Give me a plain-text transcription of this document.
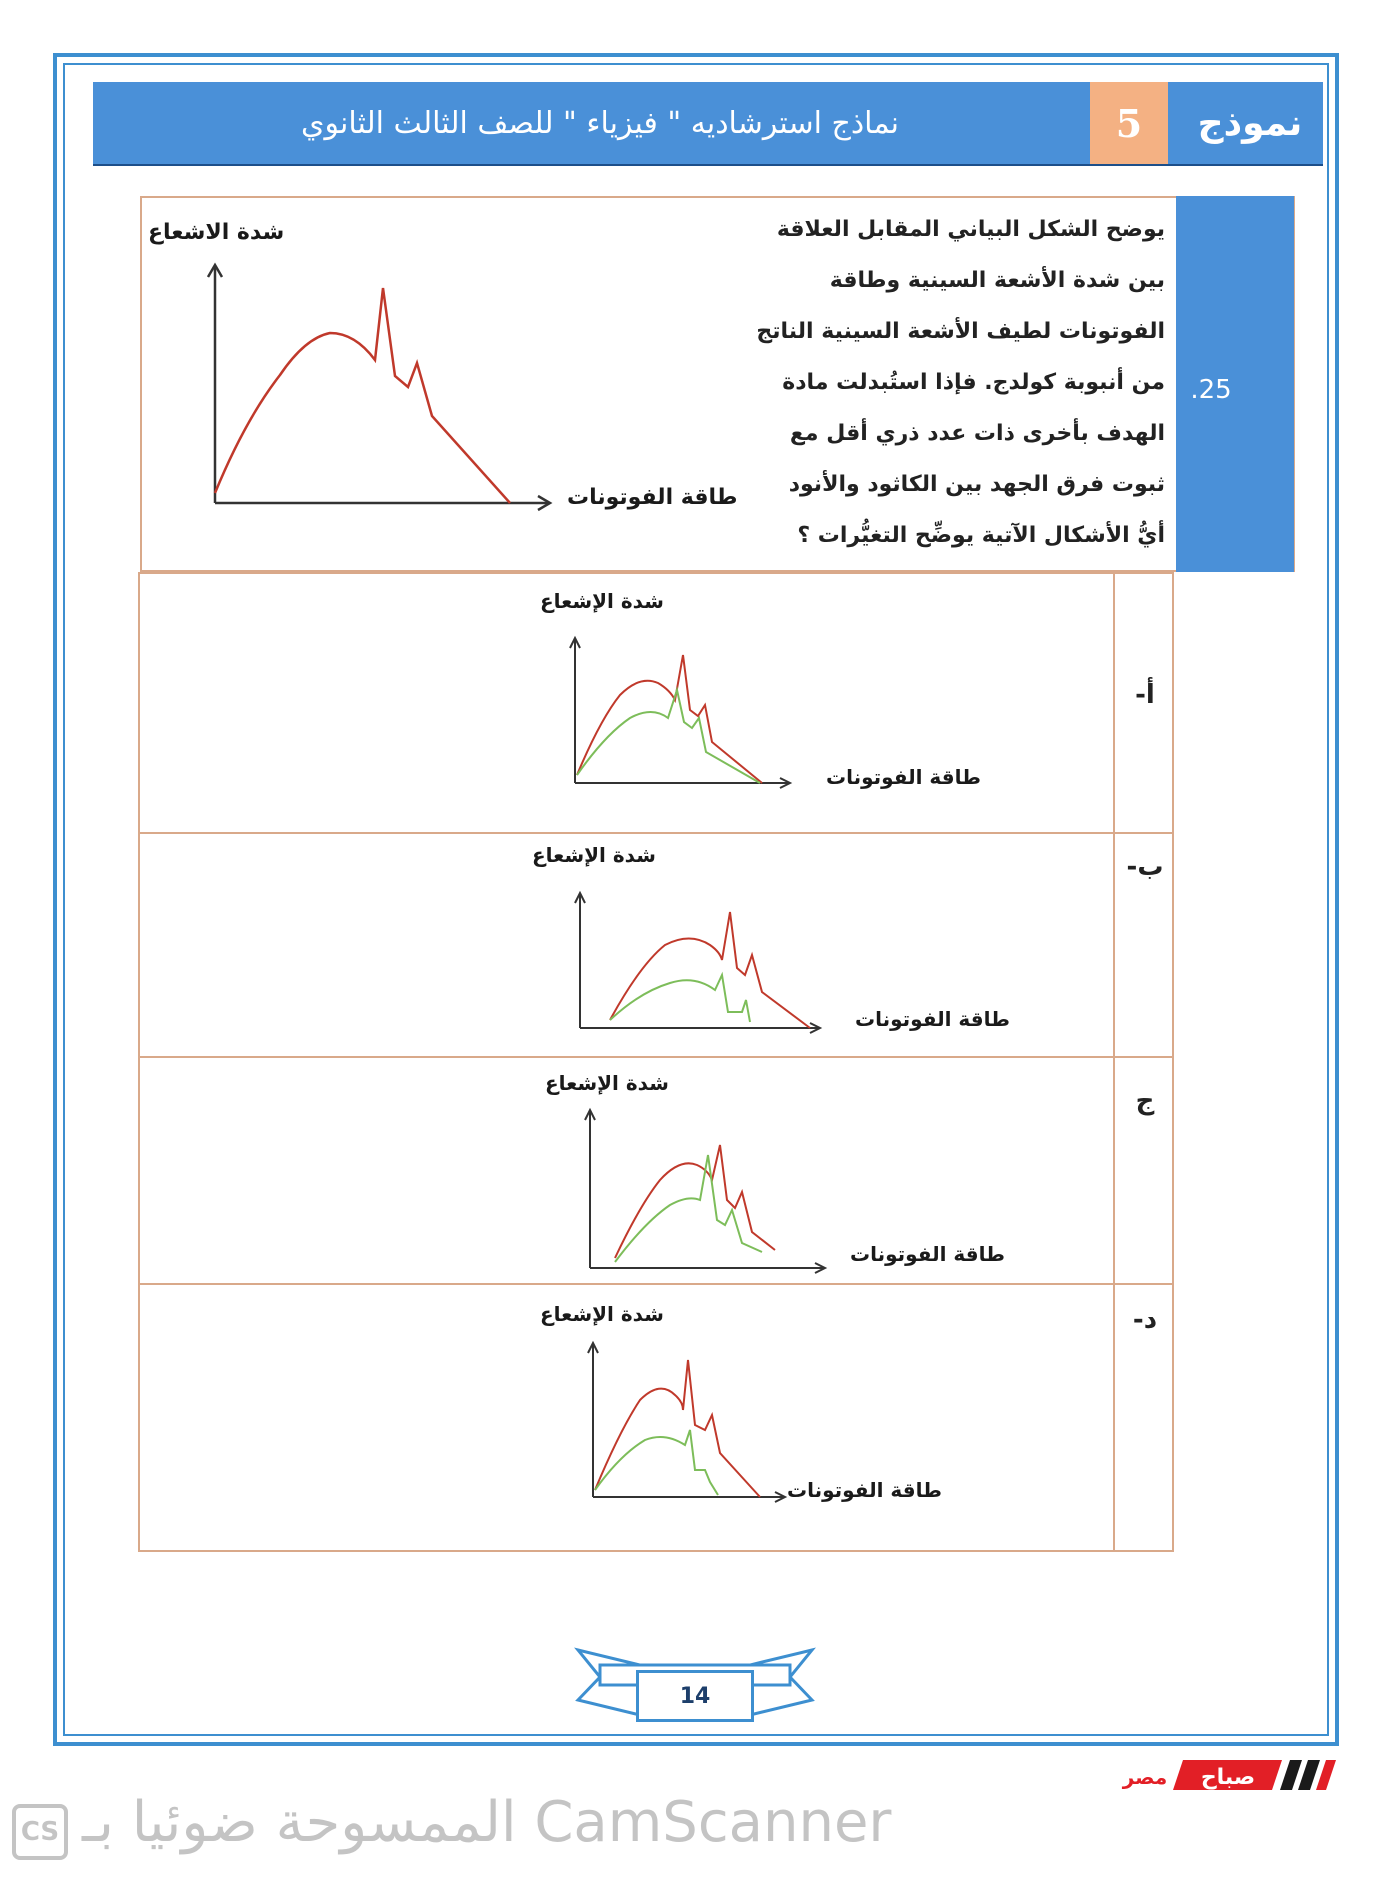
نماذج استرشاديه " فيزياء " للصف الثالث الثانوي	5	نموذج
.25
يوضح الشكل البياني المقابل العلاقة
بين شدة الأشعة السينية وطاقة
الفوتونات لطيف الأشعة السينية الناتج
من أنبوبة كولدج. فإذا استُبدلت مادة
الهدف بأخرى ذات عدد ذري أقل مع
ثبوت فرق الجهد بين الكاثود والأنود
أيُّ الأشكال الآتية يوضِّح التغيُّرات ؟
شدة الاشعاع
طاقة الفوتونات
أ-
ب-
ج
د-
شدة الإشعاع
طاقة الفوتونات
شدة الإشعاع
طاقة الفوتونات
شدة الإشعاع
طاقة الفوتونات
شدة الإشعاع
طاقة الفوتونات
14
صباح
مصر
CS الممسوحة ضوئيا بـ CamScanner
